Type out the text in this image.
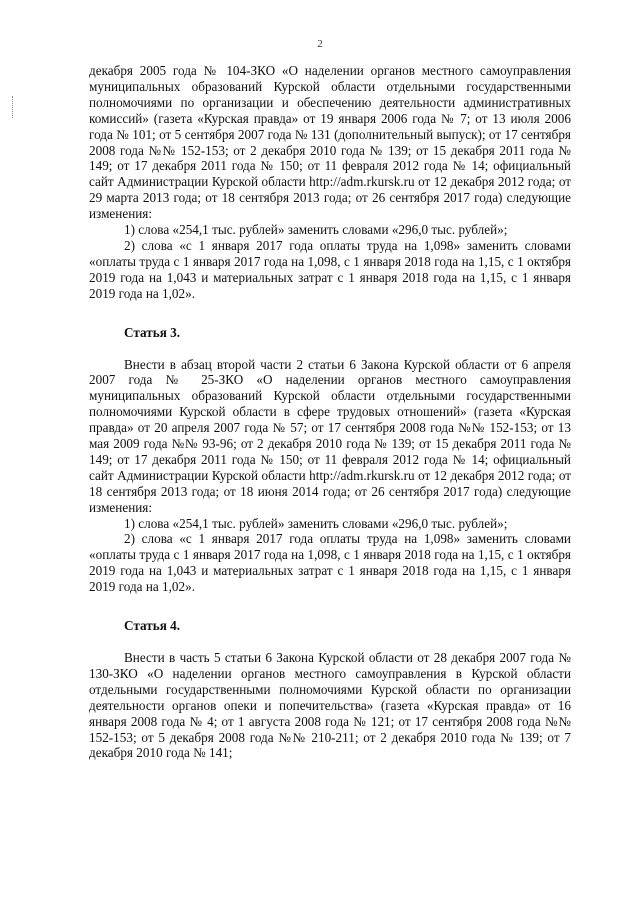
2

декабря 2005 года № 104-ЗКО «О наделении органов местного самоуправления муниципальных образований Курской области отдельными государственными полномочиями по организации и обеспечению деятельности административных комиссий» (газета «Курская правда» от 19 января 2006 года № 7; от 13 июля 2006 года № 101; от 5 сентября 2007 года № 131 (дополнительный выпуск); от 17 сентября 2008 года №№ 152-153; от 2 декабря 2010 года № 139; от 15 декабря 2011 года № 149; от 17 декабря 2011 года № 150; от 11 февраля 2012 года № 14; официальный сайт Администрации Курской области http://adm.rkursk.ru от 12 декабря 2012 года; от 29 марта 2013 года; от 18 сентября 2013 года; от 26 сентября 2017 года) следующие изменения:

1) слова «254,1 тыс. рублей» заменить словами «296,0 тыс. рублей»;

2) слова «с 1 января 2017 года оплаты труда на 1,098» заменить словами «оплаты труда с 1 января 2017 года на 1,098, с 1 января 2018 года на 1,15, с 1 октября 2019 года на 1,043 и материальных затрат с 1 января 2018 года на 1,15, с 1 января 2019 года на 1,02».

Статья 3.

Внести в абзац второй части 2 статьи 6 Закона Курской области от 6 апреля 2007 года № 25-ЗКО «О наделении органов местного самоуправления муниципальных образований Курской области отдельными государственными полномочиями Курской области в сфере трудовых отношений» (газета «Курская правда» от 20 апреля 2007 года № 57; от 17 сентября 2008 года №№ 152-153; от 13 мая 2009 года №№ 93-96; от 2 декабря 2010 года № 139; от 15 декабря 2011 года № 149; от 17 декабря 2011 года № 150; от 11 февраля 2012 года № 14; официальный сайт Администрации Курской области http://adm.rkursk.ru от 12 декабря 2012 года; от 18 сентября 2013 года; от 18 июня 2014 года; от 26 сентября 2017 года) следующие изменения:

1) слова «254,1 тыс. рублей» заменить словами «296,0 тыс. рублей»;

2) слова «с 1 января 2017 года оплаты труда на 1,098» заменить словами «оплаты труда с 1 января 2017 года на 1,098, с 1 января 2018 года на 1,15, с 1 октября 2019 года на 1,043 и материальных затрат с 1 января 2018 года на 1,15, с 1 января 2019 года на 1,02».

Статья 4.

Внести в часть 5 статьи 6 Закона Курской области от 28 декабря 2007 года № 130-ЗКО «О наделении органов местного самоуправления в Курской области отдельными государственными полномочиями Курской области по организации деятельности органов опеки и попечительства» (газета «Курская правда» от 16 января 2008 года № 4; от 1 августа 2008 года № 121; от 17 сентября 2008 года №№ 152-153; от 5 декабря 2008 года №№ 210-211; от 2 декабря 2010 года № 139; от 7 декабря 2010 года № 141;
